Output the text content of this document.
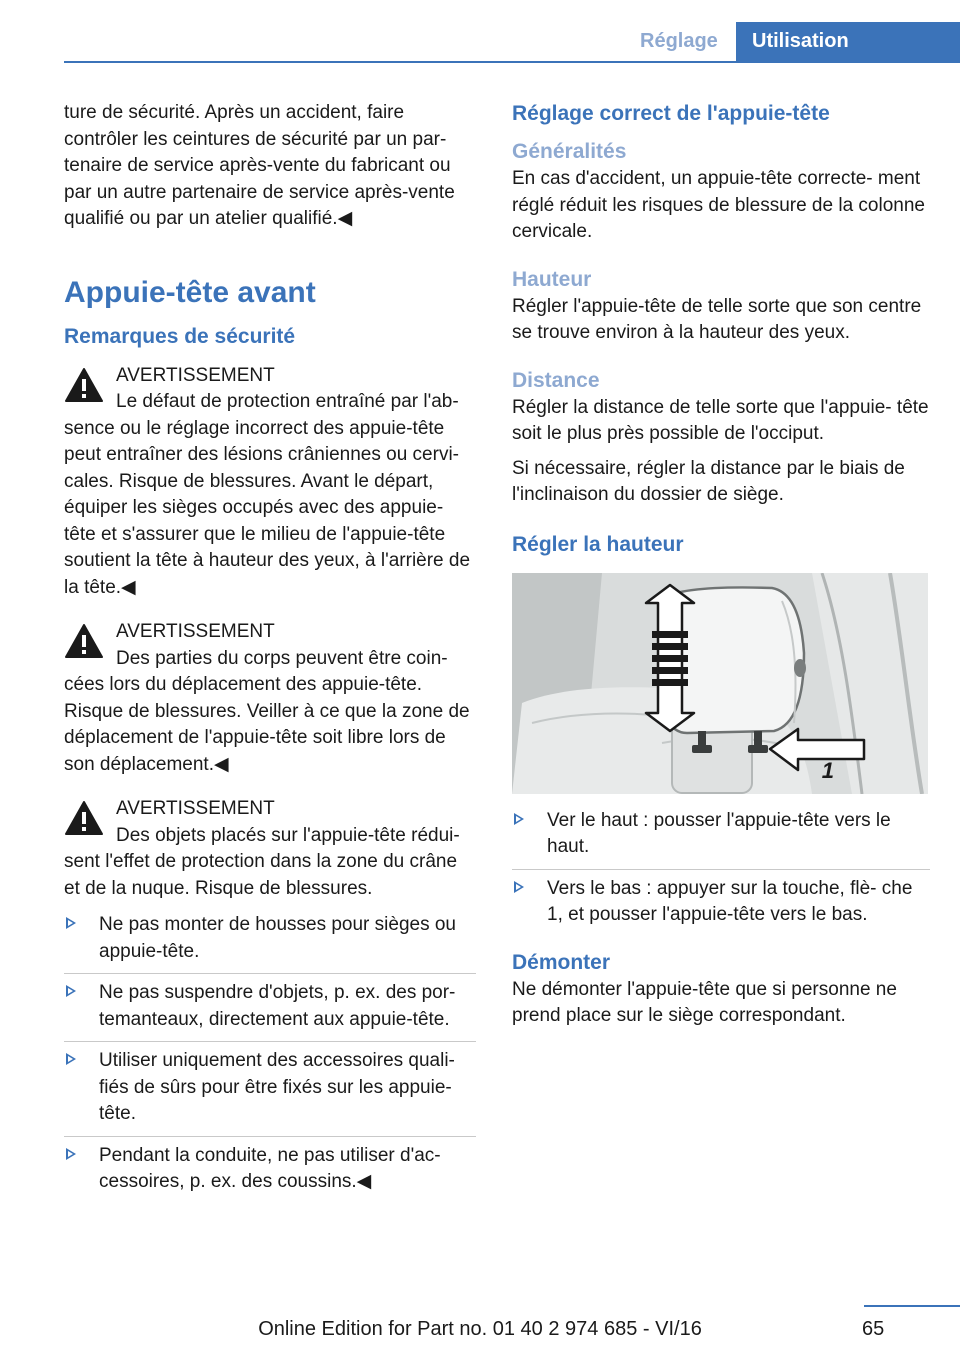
Réglage	Utilisation

ture de sécurité. Après un accident, faire contrôler les ceintures de sécurité par un par‐ tenaire de service après-vente du fabricant ou par un autre partenaire de service après-vente qualifié ou par un atelier qualifié.◀

Appuie-tête avant
Remarques de sécurité

AVERTISSEMENT

Le défaut de protection entraîné par l'ab‐

sence ou le réglage incorrect des appuie-tête peut entraîner des lésions crâniennes ou cervi‐ cales. Risque de blessures. Avant le départ, équiper les sièges occupés avec des appuie- tête et s'assurer que le milieu de l'appuie-tête soutient la tête à hauteur des yeux, à l'arrière de la tête.◀

AVERTISSEMENT

Des parties du corps peuvent être coin‐

cées lors du déplacement des appuie-tête. Risque de blessures. Veiller à ce que la zone de déplacement de l'appuie-tête soit libre lors de son déplacement.◀

AVERTISSEMENT

Des objets placés sur l'appuie-tête rédui‐

sent l'effet de protection dans la zone du crâne et de la nuque. Risque de blessures.

Ne pas monter de housses pour sièges ou appuie-tête.
Ne pas suspendre d'objets, p. ex. des por‐ temanteaux, directement aux appuie-tête.
Utiliser uniquement des accessoires quali‐ fiés de sûrs pour être fixés sur les appuie- tête.
Pendant la conduite, ne pas utiliser d'ac‐ cessoires, p. ex. des coussins.◀
Réglage correct de l'appuie-tête
Généralités

En cas d'accident, un appuie-tête correcte‐ ment réglé réduit les risques de blessure de la colonne cervicale.

Hauteur

Régler l'appuie-tête de telle sorte que son centre se trouve environ à la hauteur des yeux.

Distance

Régler la distance de telle sorte que l'appuie- tête soit le plus près possible de l'occiput.

Si nécessaire, régler la distance par le biais de l'inclinaison du dossier de siège.

Régler la hauteur
1
Ver le haut : pousser l'appuie-tête vers le haut.
Vers le bas : appuyer sur la touche, flè‐ che 1, et pousser l'appuie-tête vers le bas.
Démonter

Ne démonter l'appuie-tête que si personne ne prend place sur le siège correspondant.

65
Online Edition for Part no. 01 40 2 974 685 - VI/16
